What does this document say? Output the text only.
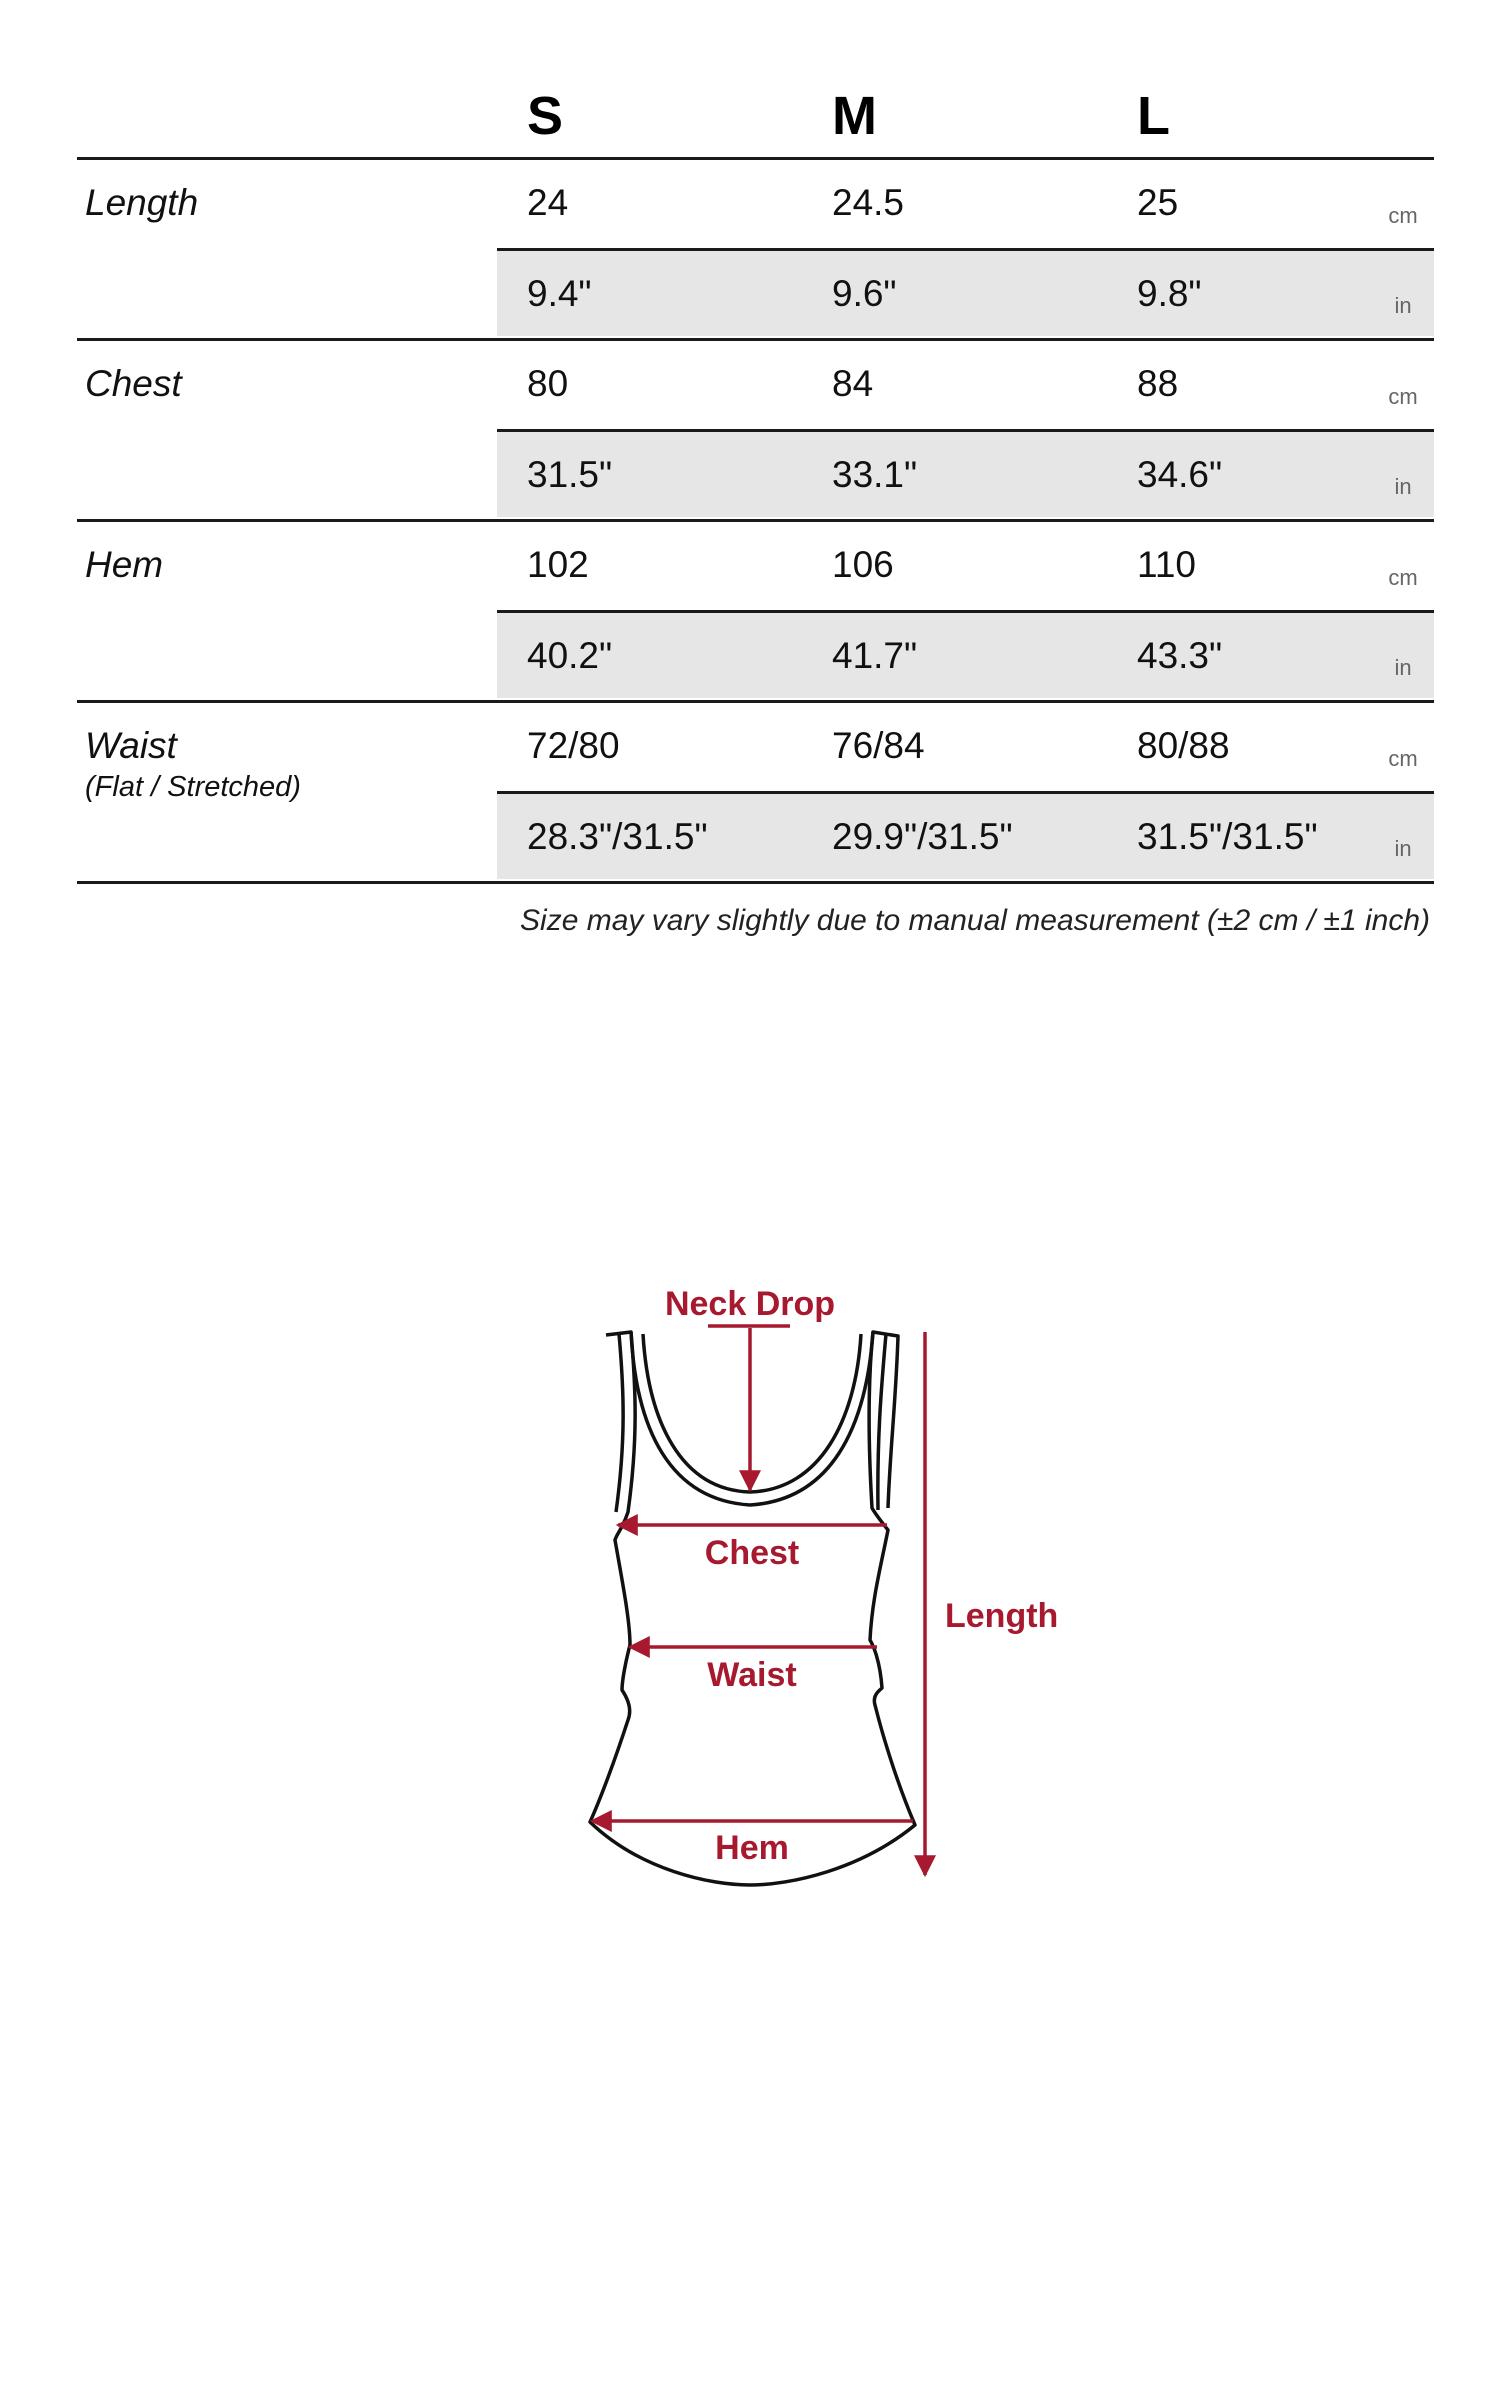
S	M	L
Length	24	24.5	25	cm
9.4"	9.6"	9.8"	in
Chest	80	84	88	cm
31.5"	33.1"	34.6"	in
Hem	102	106	110	cm
40.2"	41.7"	43.3"	in
Waist
(Flat / Stretched)
72/80	76/84	80/88	cm
28.3"/31.5"	29.9"/31.5"	31.5"/31.5"	in
Size may vary slightly due to manual measurement (±2 cm / ±1 inch)
Neck Drop
Chest
Waist
Hem
Length
